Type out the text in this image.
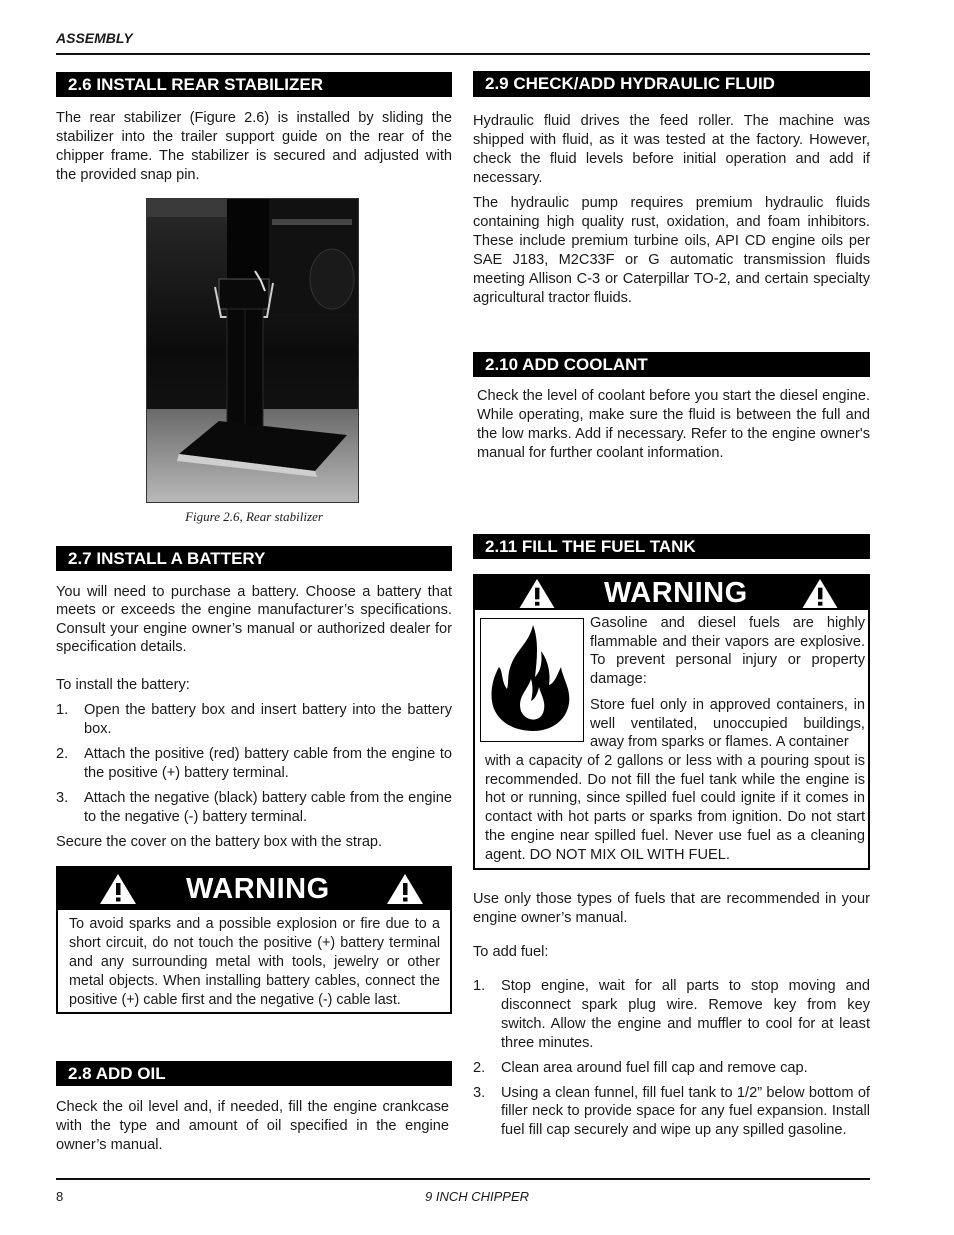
ASSEMBLY
2.6 INSTALL REAR STABILIZER

The rear stabilizer (Figure 2.6) is installed by sliding the stabilizer into the trailer support guide on the rear of the chipper frame. The stabilizer is secured and adjusted with the provided snap pin.

Figure 2.6, Rear stabilizer
2.7 INSTALL A BATTERY

You will need to purchase a battery. Choose a battery that meets or exceeds the engine manufacturer’s specifications. Consult your engine owner’s manual or authorized dealer for specification details.

To install the battery:

1. Open the battery box and insert battery into the battery box.
2. Attach the positive (red) battery cable from the engine to the positive (+) battery terminal.
3. Attach the negative (black) battery cable from the engine to the negative (-) battery terminal.

Secure the cover on the battery box with the strap.

WARNING

To avoid sparks and a possible explosion or fire due to a short circuit, do not touch the positive (+) battery terminal and any surrounding metal with tools, jewelry or other metal objects. When installing battery cables, connect the positive (+) cable first and the negative (-) cable last.

2.8 ADD OIL

Check the oil level and, if needed, fill the engine crankcase with the type and amount of oil specified in the engine owner’s manual.

2.9 CHECK/ADD HYDRAULIC FLUID

Hydraulic fluid drives the feed roller. The machine was shipped with fluid, as it was tested at the factory. However, check the fluid levels before initial operation and add if necessary.

The hydraulic pump requires premium hydraulic fluids containing high quality rust, oxidation, and foam inhibitors. These include premium turbine oils, API CD engine oils per SAE J183, M2C33F or G automatic transmission fluids meeting Allison C-3 or Caterpillar TO-2, and certain specialty agricultural tractor fluids.

2.10 ADD COOLANT

Check the level of coolant before you start the diesel engine. While operating, make sure the fluid is between the full and the low marks. Add if necessary. Refer to the engine owner's manual for further coolant information.

2.11 FILL THE FUEL TANK
WARNING

Gasoline and diesel fuels are highly flammable and their vapors are explosive. To prevent personal injury or property damage:

Store fuel only in approved containers, in well ventilated, unoccupied buildings, away from sparks or flames. A container

with a capacity of 2 gallons or less with a pouring spout is recommended. Do not fill the fuel tank while the engine is hot or running, since spilled fuel could ignite if it comes in contact with hot parts or sparks from ignition. Do not start the engine near spilled fuel. Never use fuel as a cleaning agent. DO NOT MIX OIL WITH FUEL.

Use only those types of fuels that are recommended in your engine owner’s manual.

To add fuel:

1. Stop engine, wait for all parts to stop moving and disconnect spark plug wire. Remove key from key switch. Allow the engine and muffler to cool for at least three minutes.
2. Clean area around fuel fill cap and remove cap.
3. Using a clean funnel, fill fuel tank to 1/2” below bottom of filler neck to provide space for any fuel expansion. Install fuel fill cap securely and wipe up any spilled gasoline.
8	9 INCH CHIPPER
